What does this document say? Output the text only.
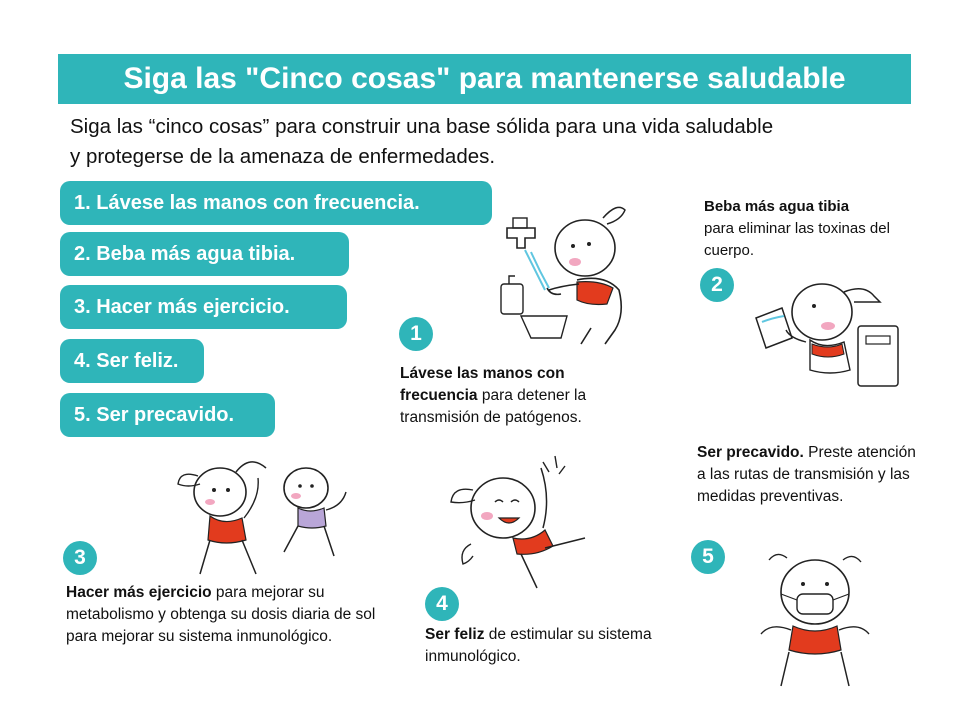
Siga las "Cinco cosas" para mantenerse saludable
Siga las “cinco cosas” para construir una base sólida para una vida saludable
y protegerse de la amenaza de enfermedades.
1. Lávese las manos con frecuencia.
2. Beba más agua tibia.
3. Hacer más ejercicio.
4. Ser feliz.
5. Ser precavido.
1
Lávese las manos con frecuencia para detener la transmisión de patógenos.
Beba más agua tibia
para eliminar las toxinas del cuerpo.
2
3
Hacer más ejercicio para mejorar su metabolismo y obtenga su dosis diaria de sol para mejorar su sistema inmunológico.
4
Ser feliz de estimular su sistema inmunológico.
Ser precavido. Preste atención a las rutas de transmisión y las medidas preventivas.
5
